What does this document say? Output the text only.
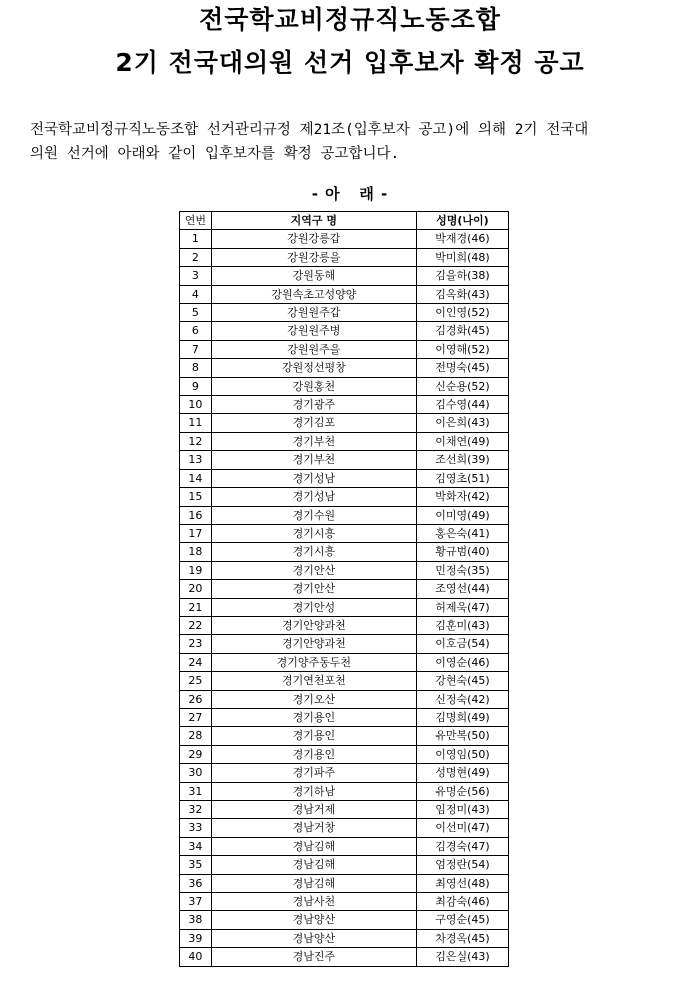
전국학교비정규직노동조합
2기 전국대의원 선거 입후보자 확정 공고
전국학교비정규직노동조합 선거관리규정 제21조(입후보자 공고)에 의해 2기 전국대
의원 선거에 아래와 같이 입후보자를 확정 공고합니다.
- 아   래 -
연번	지역구 명	성명(나이)
1	강원강릉갑	박재경(46)
2	강원강릉을	박미희(48)
3	강원동해	김을하(38)
4	강원속초고성양양	김옥화(43)
5	강원원주갑	이인영(52)
6	강원원주병	김경화(45)
7	강원원주을	이영해(52)
8	강원정선평창	전명숙(45)
9	강원홍천	신순용(52)
10	경기광주	김수영(44)
11	경기김포	이은희(43)
12	경기부천	이채연(49)
13	경기부천	조선희(39)
14	경기성남	김영초(51)
15	경기성남	박화자(42)
16	경기수원	이미영(49)
17	경기시흥	홍은숙(41)
18	경기시흥	황규범(40)
19	경기안산	민정숙(35)
20	경기안산	조영선(44)
21	경기안성	허제욱(47)
22	경기안양과천	김훈미(43)
23	경기안양과천	이호금(54)
24	경기양주동두천	이영순(46)
25	경기연천포천	강현숙(45)
26	경기오산	신정숙(42)
27	경기용인	김명희(49)
28	경기용인	유만복(50)
29	경기용인	이영임(50)
30	경기파주	성명현(49)
31	경기하남	유명순(56)
32	경남거제	임정미(43)
33	경남거창	이선미(47)
34	경남김해	김경숙(47)
35	경남김해	엄정란(54)
36	경남김해	최영선(48)
37	경남사천	최감숙(46)
38	경남양산	구영순(45)
39	경남양산	차경옥(45)
40	경남진주	김은실(43)
